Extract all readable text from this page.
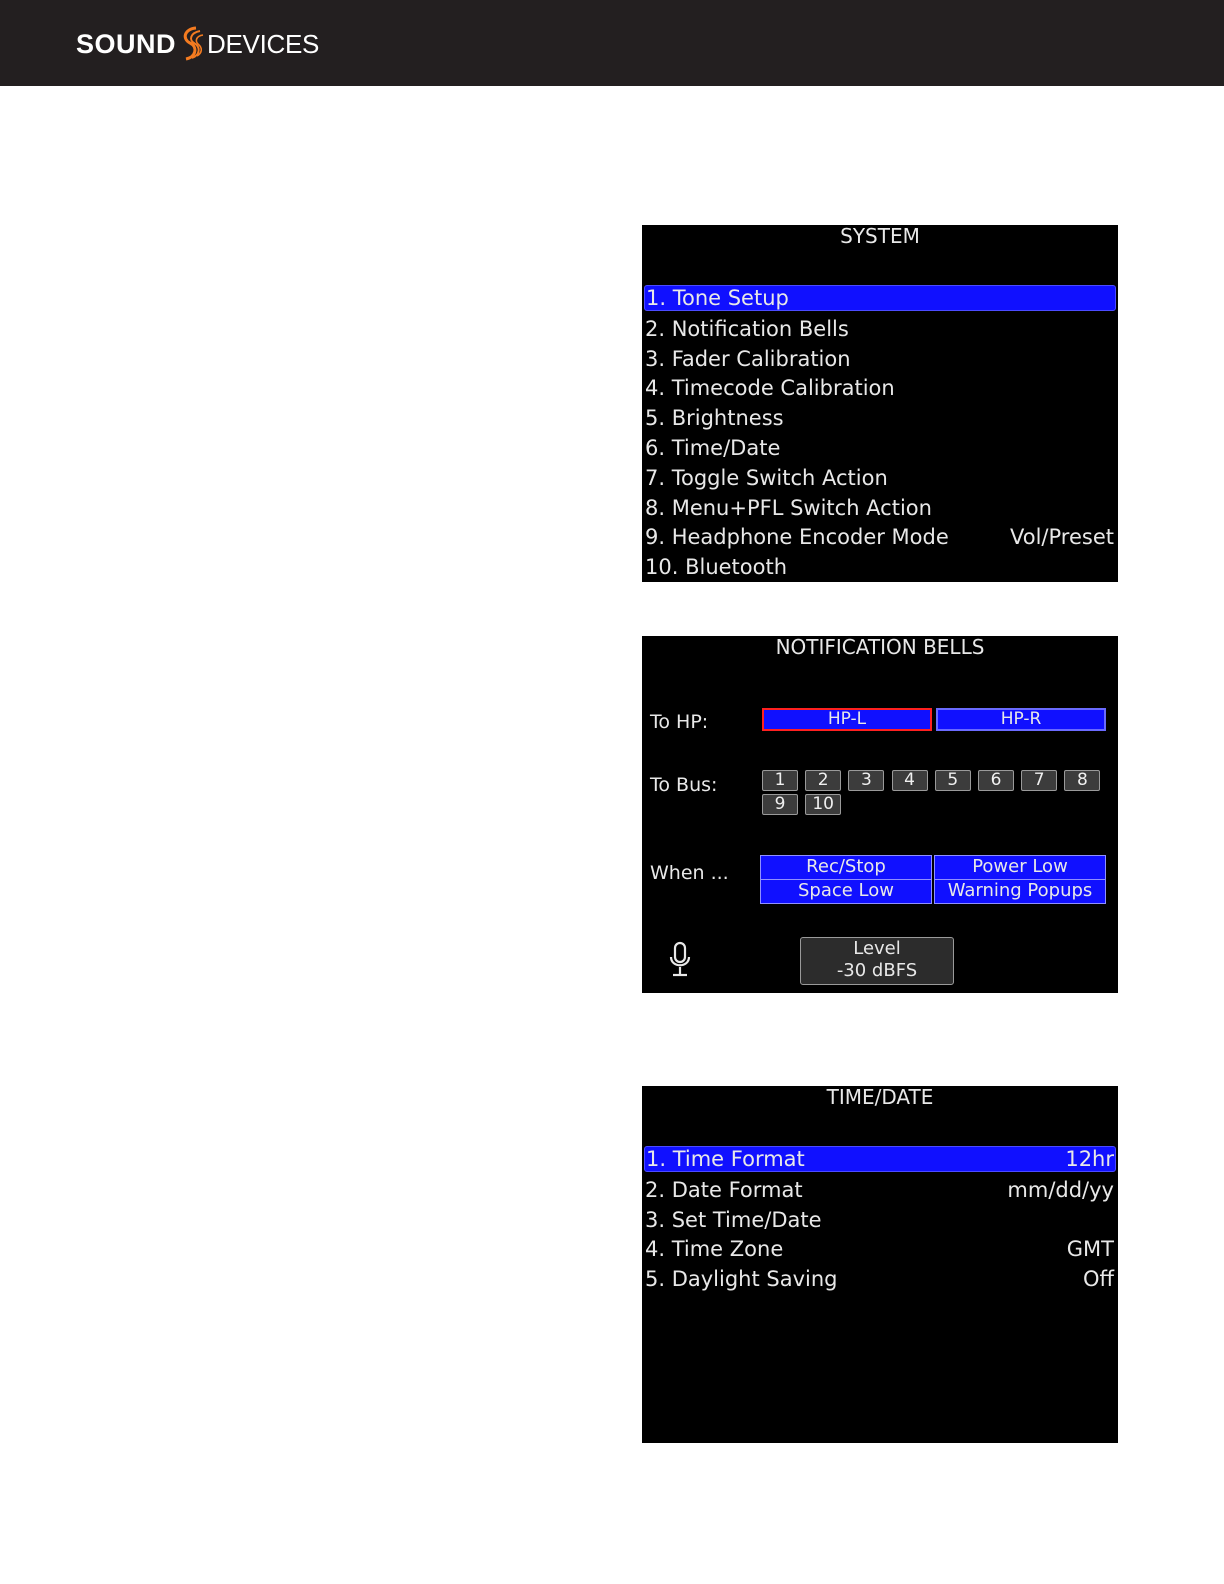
SOUND DEVICES
SYSTEM
1. Tone Setup
2. Notification Bells
3. Fader Calibration
4. Timecode Calibration
5. Brightness
6. Time/Date
7. Toggle Switch Action
8. Menu+PFL Switch Action
9. Headphone Encoder Mode	Vol/Preset
10. Bluetooth
NOTIFICATION BELLS
To HP:	HP-L	HP-R
To Bus:	1	2	3	4	5	6	7	8
9	10
When ...	Rec/Stop	Power Low
Space Low	Warning Popups
Level
-30 dBFS
TIME/DATE
1. Time Format	12hr
2. Date Format	mm/dd/yy
3. Set Time/Date
4. Time Zone	GMT
5. Daylight Saving	Off
